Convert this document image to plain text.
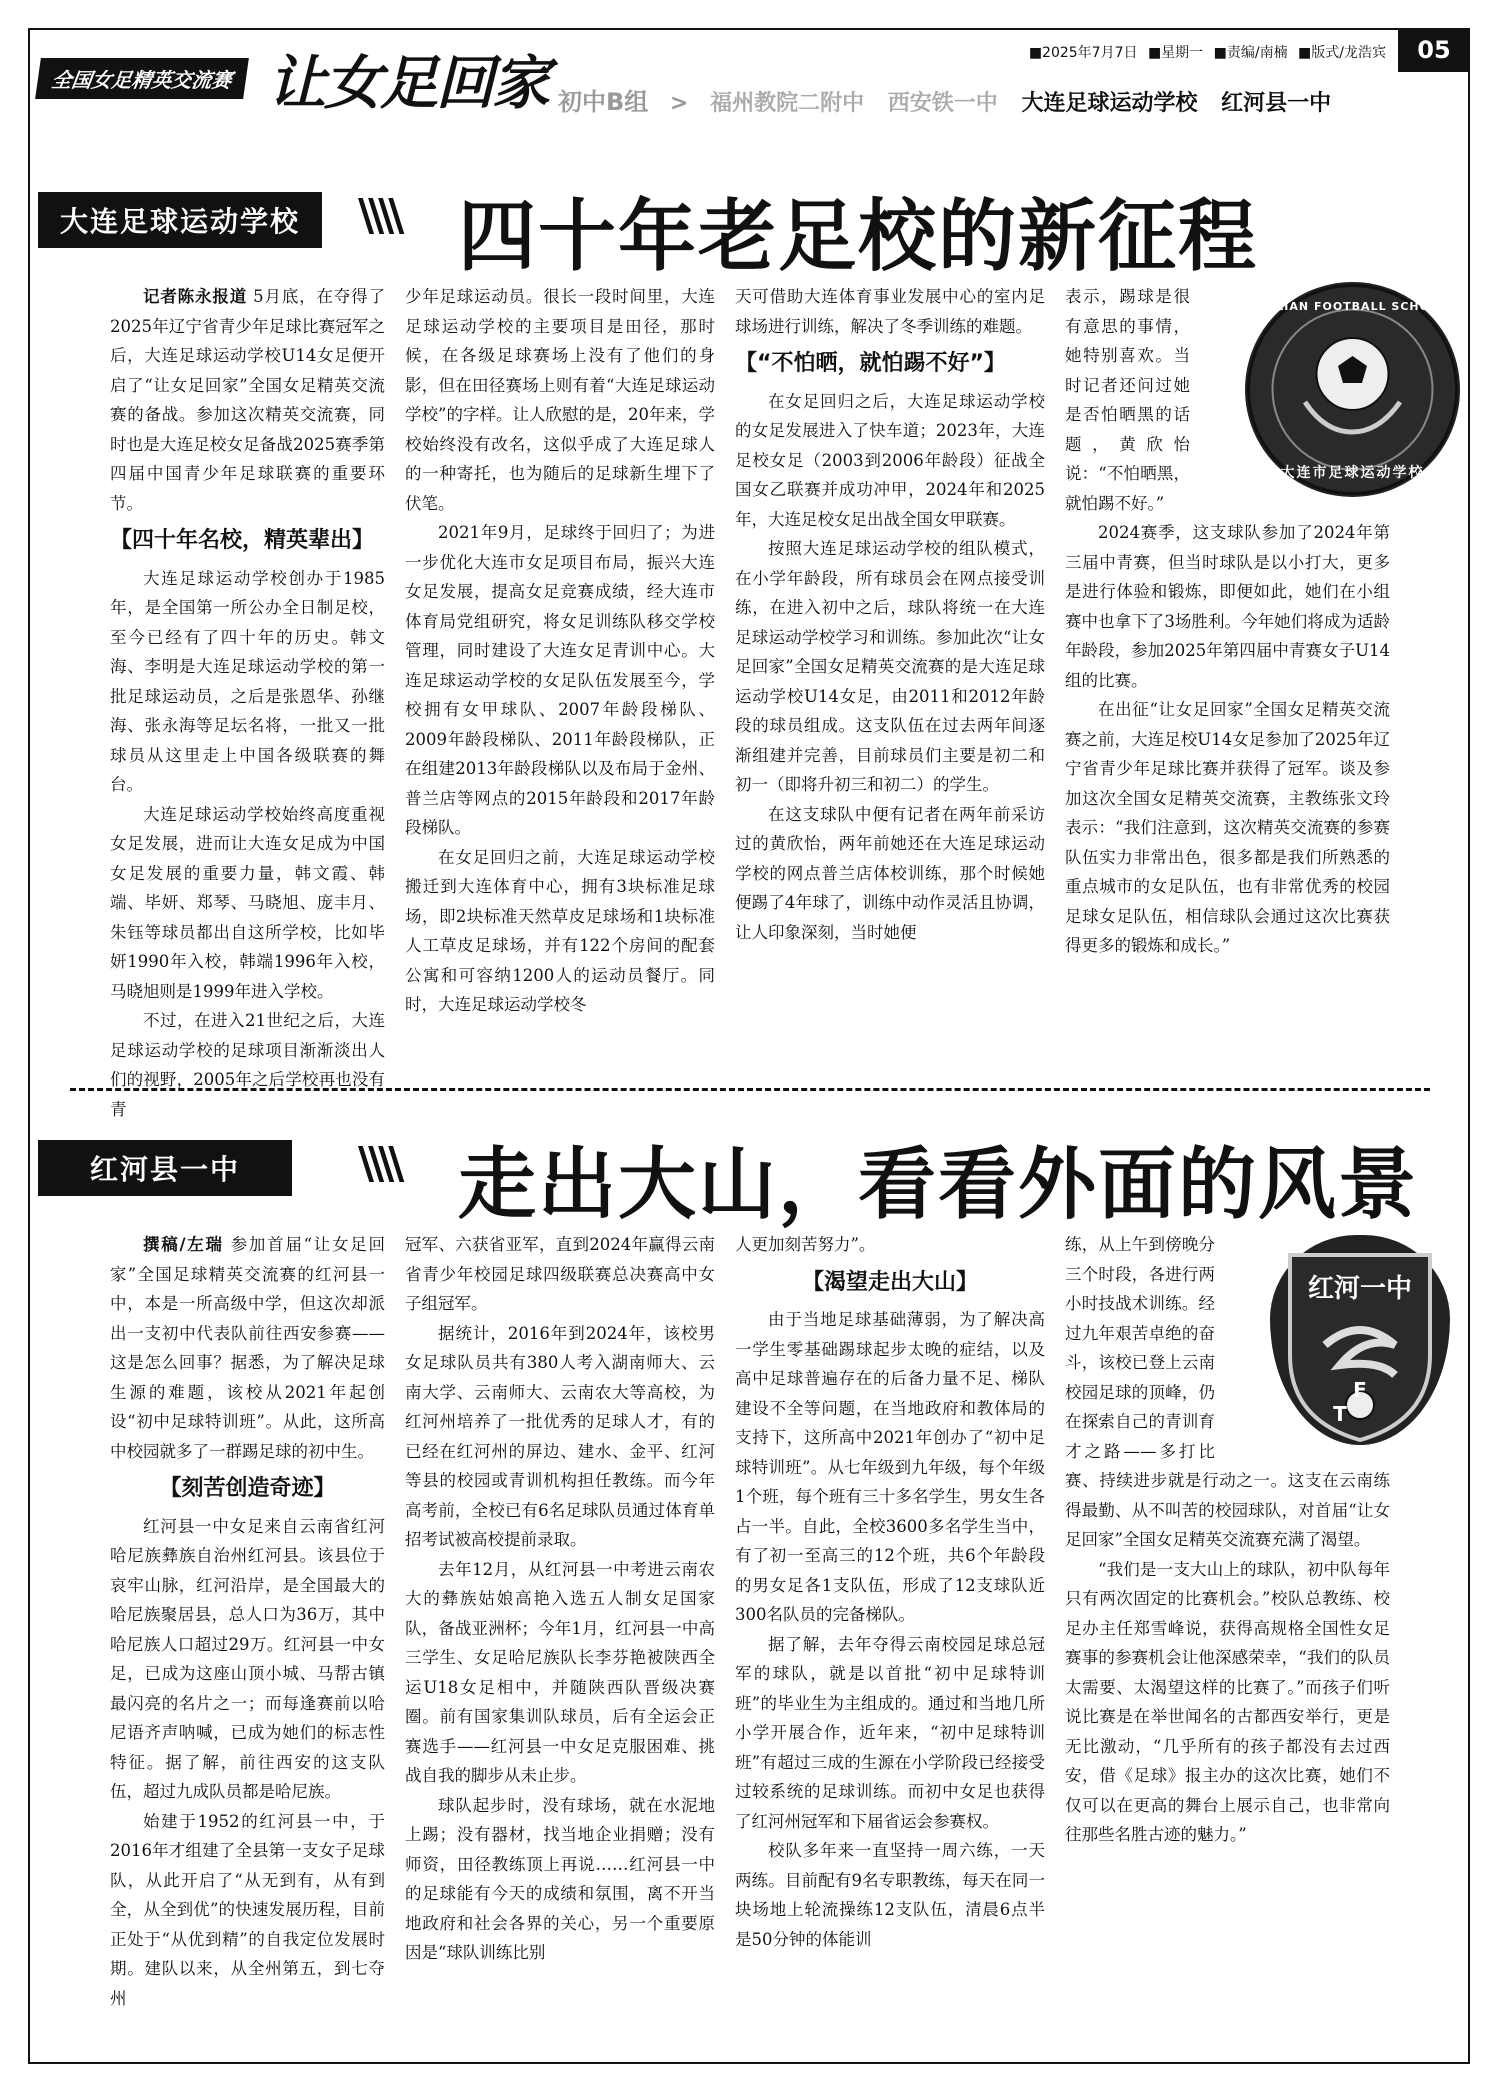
全国女足精英交流赛 让女足回家	■2025年7月7日 ■星期一 ■责编/南楠 ■版式/龙浩宾	05
初中B组 > 福州教院二附中 西安铁一中 大连足球运动学校 红河县一中
大连足球运动学校	\\\\ 四十年老足校的新征程

记者陈永报道 5月底，在夺得了2025年辽宁省青少年足球比赛冠军之后，大连足球运动学校U14女足便开启了“让女足回家”全国女足精英交流赛的备战。参加这次精英交流赛，同时也是大连足校女足备战2025赛季第四届中国青少年足球联赛的重要环节。

【四十年名校，精英辈出】

大连足球运动学校创办于1985年，是全国第一所公办全日制足校，至今已经有了四十年的历史。韩文海、李明是大连足球运动学校的第一批足球运动员，之后是张恩华、孙继海、张永海等足坛名将，一批又一批球员从这里走上中国各级联赛的舞台。

大连足球运动学校始终高度重视女足发展，进而让大连女足成为中国女足发展的重要力量，韩文霞、韩端、毕妍、郑琴、马晓旭、庞丰月、朱钰等球员都出自这所学校，比如毕妍1990年入校，韩端1996年入校，马晓旭则是1999年进入学校。

不过，在进入21世纪之后，大连足球运动学校的足球项目渐渐淡出人们的视野，2005年之后学校再也没有青

少年足球运动员。很长一段时间里，大连足球运动学校的主要项目是田径，那时候，在各级足球赛场上没有了他们的身影，但在田径赛场上则有着“大连足球运动学校”的字样。让人欣慰的是，20年来，学校始终没有改名，这似乎成了大连足球人的一种寄托，也为随后的足球新生埋下了伏笔。

2021年9月，足球终于回归了；为进一步优化大连市女足项目布局，振兴大连女足发展，提高女足竞赛成绩，经大连市体育局党组研究，将女足训练队移交学校管理，同时建设了大连女足青训中心。大连足球运动学校的女足队伍发展至今，学校拥有女甲球队、2007年龄段梯队、2009年龄段梯队、2011年龄段梯队，正在组建2013年龄段梯队以及布局于金州、普兰店等网点的2015年龄段和2017年龄段梯队。

在女足回归之前，大连足球运动学校搬迁到大连体育中心，拥有3块标准足球场，即2块标准天然草皮足球场和1块标准人工草皮足球场，并有122个房间的配套公寓和可容纳1200人的运动员餐厅。同时，大连足球运动学校冬

天可借助大连体育事业发展中心的室内足球场进行训练，解决了冬季训练的难题。

【“不怕晒，就怕踢不好”】

在女足回归之后，大连足球运动学校的女足发展进入了快车道；2023年，大连足校女足（2003到2006年龄段）征战全国女乙联赛并成功冲甲，2024年和2025年，大连足校女足出战全国女甲联赛。

按照大连足球运动学校的组队模式，在小学年龄段，所有球员会在网点接受训练，在进入初中之后，球队将统一在大连足球运动学校学习和训练。参加此次“让女足回家”全国女足精英交流赛的是大连足球运动学校U14女足，由2011和2012年龄段的球员组成。这支队伍在过去两年间逐渐组建并完善，目前球员们主要是初二和初一（即将升初三和初二）的学生。

在这支球队中便有记者在两年前采访过的黄欣怡，两年前她还在大连足球运动学校的网点普兰店体校训练，那个时候她便踢了4年球了，训练中动作灵活且协调，让人印象深刻，当时她便

表示，踢球是很有意思的事情，她特别喜欢。当时记者还问过她是否怕晒黑的话题，黄欣怡说：“不怕晒黑，就怕踢不好。”

2024赛季，这支球队参加了2024年第三届中青赛，但当时球队是以小打大，更多是进行体验和锻炼，即便如此，她们在小组赛中也拿下了3场胜利。今年她们将成为适龄年龄段，参加2025年第四届中青赛女子U14组的比赛。

在出征“让女足回家”全国女足精英交流赛之前，大连足校U14女足参加了2025年辽宁省青少年足球比赛并获得了冠军。谈及参加这次全国女足精英交流赛，主教练张文玲表示：“我们注意到，这次精英交流赛的参赛队伍实力非常出色，很多都是我们所熟悉的重点城市的女足队伍，也有非常优秀的校园足球女足队伍，相信球队会通过这次比赛获得更多的锻炼和成长。”

DALIAN FOOTBALL SCHOOL
大连市足球运动学校
红河县一中	\\\\ 走出大山，看看外面的风景

撰稿/左瑞 参加首届“让女足回家”全国足球精英交流赛的红河县一中，本是一所高级中学，但这次却派出一支初中代表队前往西安参赛——这是怎么回事？据悉，为了解决足球生源的难题，该校从2021年起创设“初中足球特训班”。从此，这所高中校园就多了一群踢足球的初中生。

【刻苦创造奇迹】

红河县一中女足来自云南省红河哈尼族彝族自治州红河县。该县位于哀牢山脉，红河沿岸，是全国最大的哈尼族聚居县，总人口为36万，其中哈尼族人口超过29万。红河县一中女足，已成为这座山顶小城、马帮古镇最闪亮的名片之一；而每逢赛前以哈尼语齐声呐喊，已成为她们的标志性特征。据了解，前往西安的这支队伍，超过九成队员都是哈尼族。

始建于1952的红河县一中，于2016年才组建了全县第一支女子足球队，从此开启了“从无到有，从有到全，从全到优”的快速发展历程，目前正处于“从优到精”的自我定位发展时期。建队以来，从全州第五，到七夺州

冠军、六获省亚军，直到2024年赢得云南省青少年校园足球四级联赛总决赛高中女子组冠军。

据统计，2016年到2024年，该校男女足球队员共有380人考入湖南师大、云南大学、云南师大、云南农大等高校，为红河州培养了一批优秀的足球人才，有的已经在红河州的屏边、建水、金平、红河等县的校园或青训机构担任教练。而今年高考前，全校已有6名足球队员通过体育单招考试被高校提前录取。

去年12月，从红河县一中考进云南农大的彝族姑娘高艳入选五人制女足国家队，备战亚洲杯；今年1月，红河县一中高三学生、女足哈尼族队长李芬艳被陕西全运U18女足相中，并随陕西队晋级决赛圈。前有国家集训队球员，后有全运会正赛选手——红河县一中女足克服困难、挑战自我的脚步从未止步。

球队起步时，没有球场，就在水泥地上踢；没有器材，找当地企业捐赠；没有师资，田径教练顶上再说……红河县一中的足球能有今天的成绩和氛围，离不开当地政府和社会各界的关心，另一个重要原因是“球队训练比别

人更加刻苦努力”。

【渴望走出大山】

由于当地足球基础薄弱，为了解决高一学生零基础踢球起步太晚的症结，以及高中足球普遍存在的后备力量不足、梯队建设不全等问题，在当地政府和教体局的支持下，这所高中2021年创办了“初中足球特训班”。从七年级到九年级，每个年级1个班，每个班有三十多名学生，男女生各占一半。自此，全校3600多名学生当中，有了初一至高三的12个班，共6个年龄段的男女足各1支队伍，形成了12支球队近300名队员的完备梯队。

据了解，去年夺得云南校园足球总冠军的球队，就是以首批“初中足球特训班”的毕业生为主组成的。通过和当地几所小学开展合作，近年来，“初中足球特训班”有超过三成的生源在小学阶段已经接受过较系统的足球训练。而初中女足也获得了红河州冠军和下届省运会参赛权。

校队多年来一直坚持一周六练，一天两练。目前配有9名专职教练，每天在同一块场地上轮流操练12支队伍，清晨6点半是50分钟的体能训

练，从上午到傍晚分三个时段，各进行两小时技战术训练。经过九年艰苦卓绝的奋斗，该校已登上云南校园足球的顶峰，仍在探索自己的青训育才之路——多打比赛、持续进步就是行动之一。这支在云南练得最勤、从不叫苦的校园球队，对首届“让女足回家”全国女足精英交流赛充满了渴望。

“我们是一支大山上的球队，初中队每年只有两次固定的比赛机会。”校队总教练、校足办主任郑雪峰说，获得高规格全国性女足赛事的参赛机会让他深感荣幸，“我们的队员太需要、太渴望这样的比赛了。”而孩子们听说比赛是在举世闻名的古都西安举行，更是无比激动，“几乎所有的孩子都没有去过西安，借《足球》报主办的这次比赛，她们不仅可以在更高的舞台上展示自己，也非常向往那些名胜古迹的魅力。”

红河一中
F T
